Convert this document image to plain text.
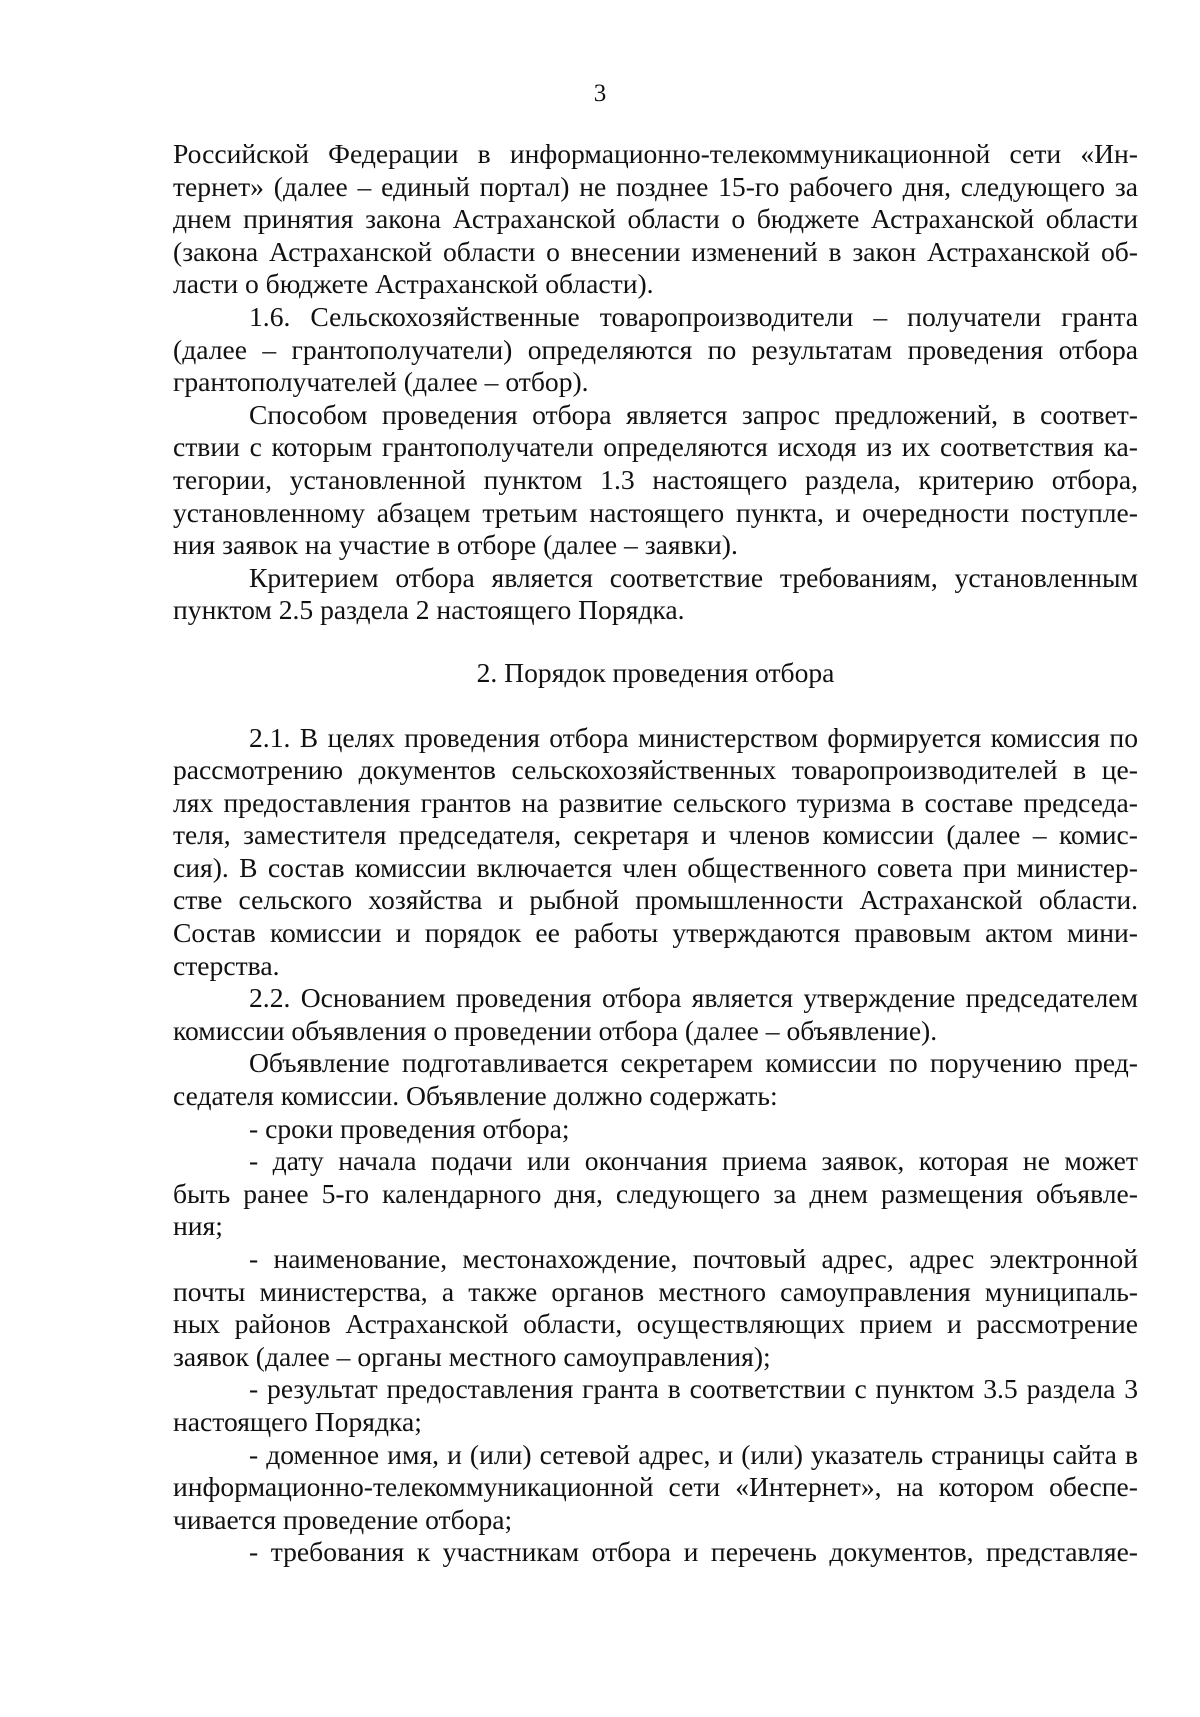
3
Российской Федерации в информационно-телекоммуникационной сети «Ин-
тернет» (далее – единый портал) не позднее 15-го рабочего дня, следующего за
днем принятия закона Астраханской области о бюджете Астраханской области
(закона Астраханской области о внесении изменений в закон Астраханской об-
ласти о бюджете Астраханской области).
1.6. Сельскохозяйственные товаропроизводители – получатели гранта
(далее – грантополучатели) определяются по результатам проведения отбора
грантополучателей (далее – отбор).
Способом проведения отбора является запрос предложений, в соответ-
ствии с которым грантополучатели определяются исходя из их соответствия ка-
тегории, установленной пунктом 1.3 настоящего раздела, критерию отбора,
установленному абзацем третьим настоящего пункта, и очередности поступле-
ния заявок на участие в отборе (далее – заявки).
Критерием отбора является соответствие требованиям, установленным
пунктом 2.5 раздела 2 настоящего Порядка.
2. Порядок проведения отбора
2.1. В целях проведения отбора министерством формируется комиссия по
рассмотрению документов сельскохозяйственных товаропроизводителей в це-
лях предоставления грантов на развитие сельского туризма в составе председа-
теля, заместителя председателя, секретаря и членов комиссии (далее – комис-
сия). В состав комиссии включается член общественного совета при министер-
стве сельского хозяйства и рыбной промышленности Астраханской области.
Состав комиссии и порядок ее работы утверждаются правовым актом мини-
стерства.
2.2. Основанием проведения отбора является утверждение председателем
комиссии объявления о проведении отбора (далее – объявление).
Объявление подготавливается секретарем комиссии по поручению пред-
седателя комиссии. Объявление должно содержать:
- сроки проведения отбора;
- дату начала подачи или окончания приема заявок, которая не может
быть ранее 5-го календарного дня, следующего за днем размещения объявле-
ния;
- наименование, местонахождение, почтовый адрес, адрес электронной
почты министерства, а также органов местного самоуправления муниципаль-
ных районов Астраханской области, осуществляющих прием и рассмотрение
заявок (далее – органы местного самоуправления);
- результат предоставления гранта в соответствии с пунктом 3.5 раздела 3
настоящего Порядка;
- доменное имя, и (или) сетевой адрес, и (или) указатель страницы сайта в
информационно-телекоммуникационной сети «Интернет», на котором обеспе-
чивается проведение отбора;
- требования к участникам отбора и перечень документов, представляе-
